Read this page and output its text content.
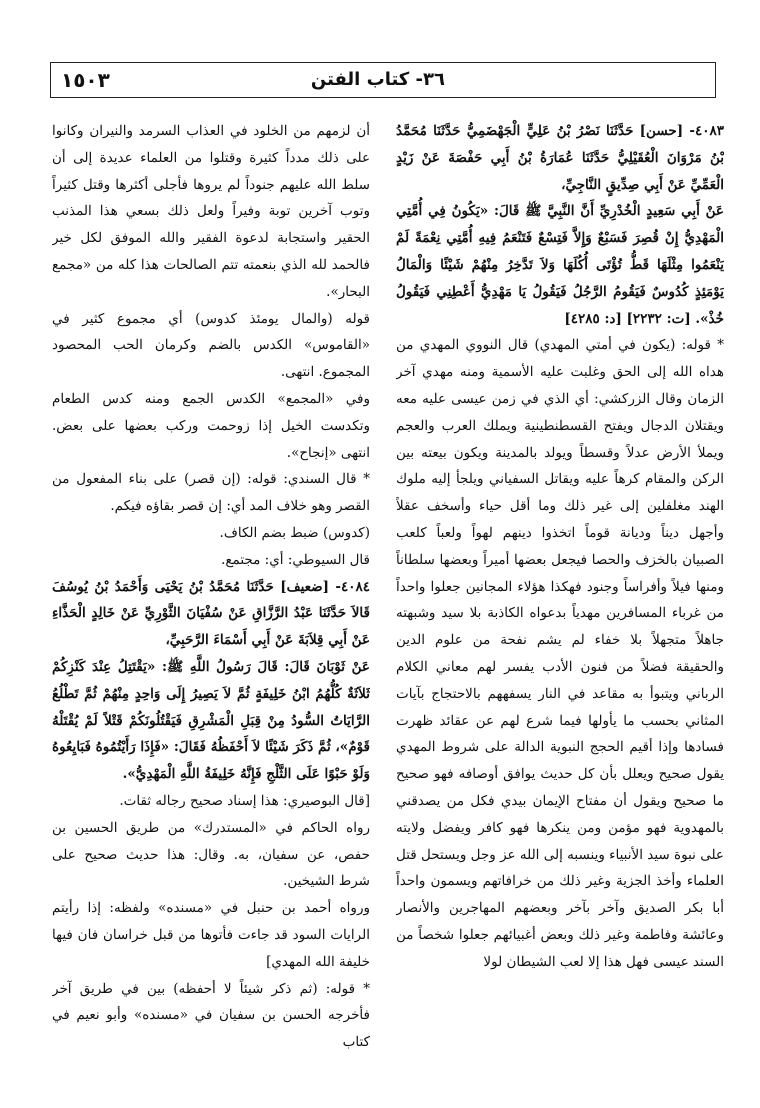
١٥٠٣	٣٦- كتاب الفتن

٤٠٨٣- [حسن] حَدَّثَنَا نَصْرُ بْنُ عَلِيٍّ الْجَهْضَمِيُّ حَدَّثَنَا مُحَمَّدُ بْنُ مَرْوَانَ الْعُقَيْلِيُّ حَدَّثَنَا عُمَارَةُ بْنُ أَبِي حَفْصَةَ عَنْ زَيْدٍ الْعَمِّيِّ عَنْ أَبِي صِدِّيقٍ النَّاجِيِّ،

عَنْ أَبِي سَعِيدٍ الْخُدْرِيِّ أَنَّ النَّبِيَّ ﷺ قَالَ: «يَكُونُ فِي أُمَّتِي الْمَهْدِيُّ إِنْ قُصِرَ فَسَبْعٌ وَإِلاَّ فَتِسْعٌ فَتَنْعَمُ فِيهِ أُمَّتِي نِعْمَةً لَمْ يَنْعَمُوا مِثْلَهَا قَطُّ تُؤْتَى أُكُلَهَا وَلاَ تَدَّخِرُ مِنْهُمْ شَيْئًا وَالْمَالُ يَوْمَئِذٍ كُدُوسٌ فَيَقُومُ الرَّجُلُ فَيَقُولُ يَا مَهْدِيُّ أَعْطِنِي فَيَقُولُ خُذْ». [ت: ٢٢٣٢] [د: ٤٢٨٥]

* قوله: (يكون في أمتي المهدي) قال النووي المهدي من هداه الله إلى الحق وغلبت عليه الأسمية ومنه مهدي آخر الزمان وقال الزركشي: أي الذي في زمن عيسى عليه معه ويقتلان الدجال ويفتح القسطنطينية ويملك العرب والعجم ويملأ الأرض عدلاً وقسطاً ويولد بالمدينة ويكون بيعته بين الركن والمقام كرهاً عليه ويقاتل السفياني ويلجأ إليه ملوك الهند مغلفلين إلى غير ذلك وما أقل حياء وأسخف عقلاً وأجهل ديناً وديانة قوماً اتخذوا دينهم لهواً ولعباً كلعب الصبيان بالخزف والحصا فيجعل بعضها أميراً وبعضها سلطاناً ومنها فيلاً وأفراساً وجنود فهكذا هؤلاء المجانين جعلوا واحداً من غرباء المسافرين مهدياً بدعواه الكاذبة بلا سيد وشبهته جاهلاً متجهلاً بلا خفاء لم يشم نفحة من علوم الدين والحقيقة فضلاً من فنون الأدب يفسر لهم معاني الكلام الرباني ويتبوأ به مقاعد في النار يسفههم بالاحتجاج بآيات المثاني بحسب ما يأولها فيما شرع لهم عن عقائد ظهرت فسادها وإذا أقيم الحجج النبوية الدالة على شروط المهدي يقول صحيح ويعلل بأن كل حديث يوافق أوصافه فهو صحيح ما صحيح ويقول أن مفتاح الإيمان بيدي فكل من يصدقني بالمهدوية فهو مؤمن ومن ينكرها فهو كافر ويفضل ولايته على نبوة سيد الأنبياء وينسبه إلى الله عز وجل ويستحل قتل العلماء وأخذ الجزية وغير ذلك من خرافاتهم ويسمون واحداً أبا بكر الصديق وآخر بآخر وبعضهم المهاجرين والأنصار وعائشة وفاطمة وغير ذلك وبعض أغبيائهم جعلوا شخصاً من السند عيسى فهل هذا إلا لعب الشيطان لولا

أن لزمهم من الخلود في العذاب السرمد والنيران وكانوا على ذلك مدداً كثيرة وقتلوا من العلماء عديدة إلى أن سلط الله عليهم جنوداً لم يروها فأجلى أكثرها وقتل كثيراً وتوب آخرين توبة وفيراً ولعل ذلك بسعي هذا المذنب الحقير واستجابة لدعوة الفقير والله الموفق لكل خير فالحمد لله الذي بنعمته تتم الصالحات هذا كله من «مجمع البحار».

قوله (والمال يومئذ كدوس) أي مجموع كثير في «القاموس» الكدس بالضم وكرمان الحب المحصود المجموع. انتهى.

وفي «المجمع» الكدس الجمع ومنه كدس الطعام وتكدست الخيل إذا زوحمت وركب بعضها على بعض. انتهى «إنجاح».

* قال السندي: قوله: (إن قصر) على بناء المفعول من القصر وهو خلاف المد أي: إن قصر بقاؤه فيكم.

(كدوس) ضبط بضم الكاف.

قال السيوطي: أي: مجتمع.

٤٠٨٤- [ضعيف] حَدَّثَنَا مُحَمَّدُ بْنُ يَحْيَى وَأَحْمَدُ بْنُ يُوسُفَ قَالاَ حَدَّثَنَا عَبْدُ الرَّزَّاقِ عَنْ سُفْيَانَ الثَّوْرِيِّ عَنْ خَالِدٍ الْحَذَّاءِ عَنْ أَبِي قِلاَبَةَ عَنْ أَبِي أَسْمَاءَ الرَّحَبِيِّ،

عَنْ ثَوْبَانَ قَالَ: قَالَ رَسُولُ اللَّهِ ﷺ: «يَقْتَتِلُ عِنْدَ كَنْزِكُمْ ثَلاَثَةٌ كُلُّهُمُ ابْنُ خَلِيفَةٍ ثُمَّ لاَ يَصِيرُ إِلَى وَاحِدٍ مِنْهُمْ ثُمَّ تَطْلُعُ الرَّايَاتُ السُّودُ مِنْ قِبَلِ الْمَشْرِقِ فَيَقْتُلُونَكُمْ قَتْلاً لَمْ يُقْتَلْهُ قَوْمٌ»، ثُمَّ ذَكَرَ شَيْئًا لاَ أَحْفَظُهُ فَقَالَ: «فَإِذَا رَأَيْتُمُوهُ فَبَايِعُوهُ وَلَوْ حَبْوًا عَلَى الثَّلْجِ فَإِنَّهُ خَلِيفَةُ اللَّهِ الْمَهْدِيُّ».

[قال البوصيري: هذا إسناد صحيح رجاله ثقات.

رواه الحاكم في «المستدرك» من طريق الحسين بن حفص، عن سفيان، به. وقال: هذا حديث صحيح على شرط الشيخين.

ورواه أحمد بن حنبل في «مسنده» ولفظه: إذا رأيتم الرايات السود قد جاءت فأتوها من قبل خراسان فان فيها خليفة الله المهدي]

* قوله: (ثم ذكر شيئاً لا أحفظه) بين في طريق آخر فأخرجه الحسن بن سفيان في «مسنده» وأبو نعيم في كتاب
